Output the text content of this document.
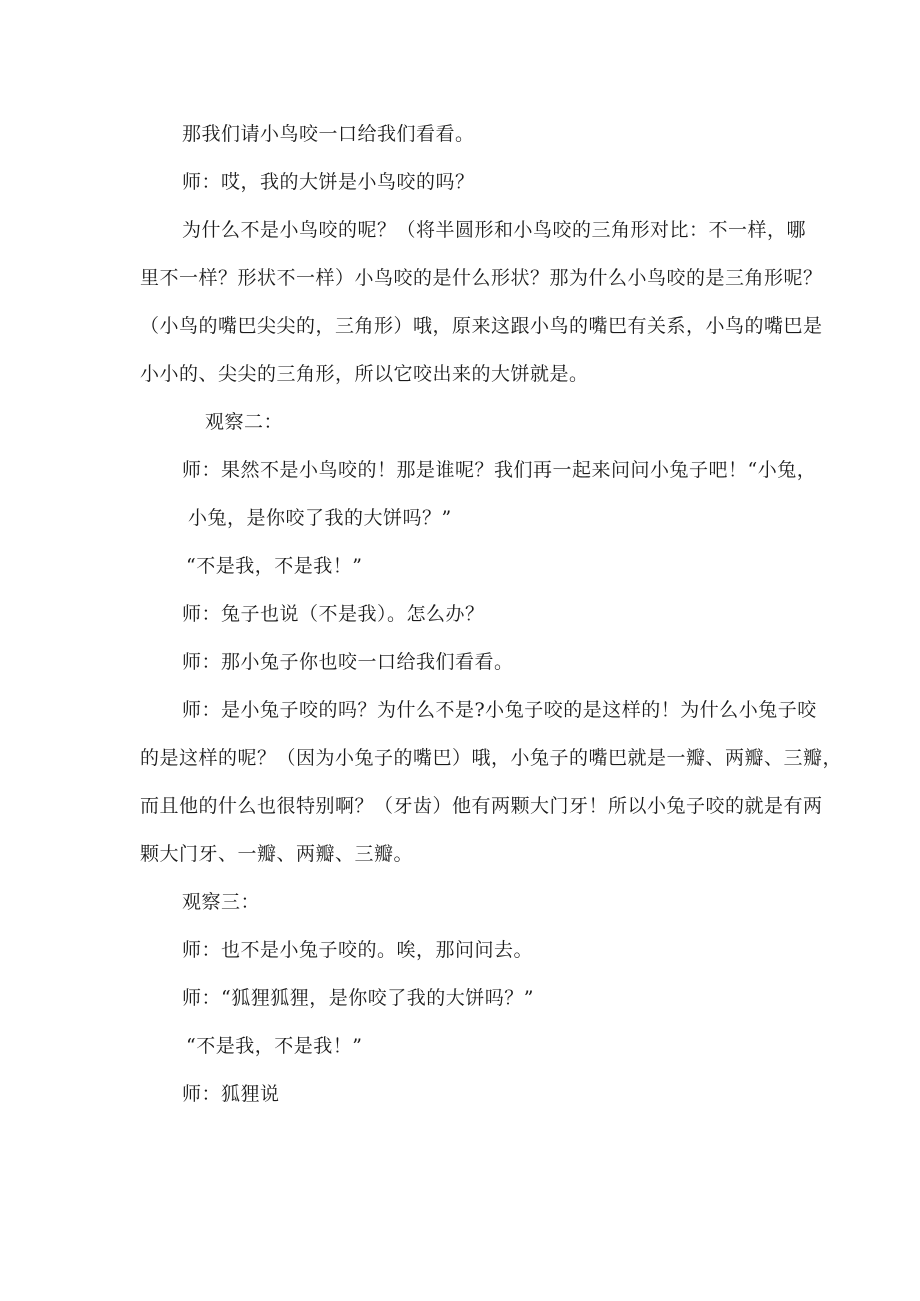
那我们请小鸟咬一口给我们看看。
师：哎，我的大饼是小鸟咬的吗？
为什么不是小鸟咬的呢？（将半圆形和小鸟咬的三角形对比：不一样，哪
里不一样？形状不一样）小鸟咬的是什么形状？那为什么小鸟咬的是三角形呢？
（小鸟的嘴巴尖尖的，三角形）哦，原来这跟小鸟的嘴巴有关系，小鸟的嘴巴是
小小的、尖尖的三角形，所以它咬出来的大饼就是。
观察二：
师：果然不是小鸟咬的！那是谁呢？我们再一起来问问小兔子吧！“小兔，
小兔，是你咬了我的大饼吗？”
“不是我，不是我！”
师：兔子也说（不是我）。怎么办？
师：那小兔子你也咬一口给我们看看。
师：是小兔子咬的吗？为什么不是?小兔子咬的是这样的！为什么小兔子咬
的是这样的呢？（因为小兔子的嘴巴）哦，小兔子的嘴巴就是一瓣、两瓣、三瓣，
而且他的什么也很特别啊？（牙齿）他有两颗大门牙！所以小兔子咬的就是有两
颗大门牙、一瓣、两瓣、三瓣。
观察三：
师：也不是小兔子咬的。唉，那问问去。
师：“狐狸狐狸，是你咬了我的大饼吗？”
“不是我，不是我！”
师：狐狸说
